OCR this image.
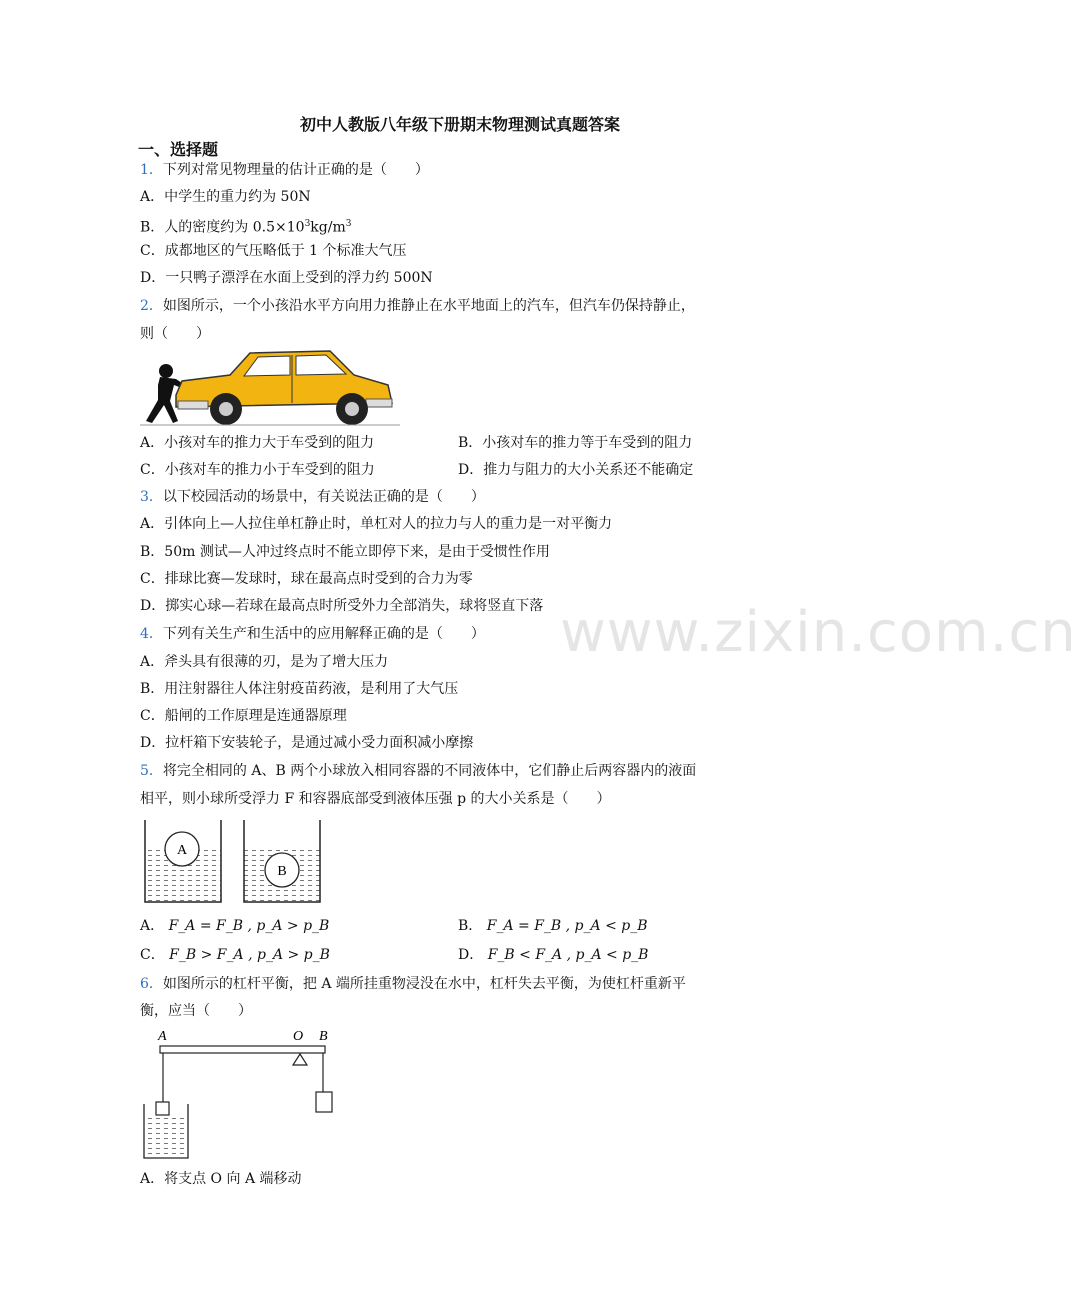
www.zixin.com.cn
初中人教版八年级下册期末物理测试真题答案
一、选择题
1．下列对常见物理量的估计正确的是（　　）
A．中学生的重力约为 50N
B．人的密度约为 $0.5\times 10^3kg/m^3$
C．成都地区的气压略低于 1 个标准大气压
D．一只鸭子漂浮在水面上受到的浮力约 500N
2．如图所示，一个小孩沿水平方向用力推静止在水平地面上的汽车，但汽车仍保持静止，
则（　　）
A．小孩对车的推力大于车受到的阻力	B．小孩对车的推力等于车受到的阻力
C．小孩对车的推力小于车受到的阻力	D．推力与阻力的大小关系还不能确定
3．以下校园活动的场景中，有关说法正确的是（　　）
A．引体向上—人拉住单杠静止时，单杠对人的拉力与人的重力是一对平衡力
B．50m 测试—人冲过终点时不能立即停下来，是由于受惯性作用
C．排球比赛—发球时，球在最高点时受到的合力为零
D．掷实心球—若球在最高点时所受外力全部消失，球将竖直下落
4．下列有关生产和生活中的应用解释正确的是（　　）
A．斧头具有很薄的刃，是为了增大压力
B．用注射器往人体注射疫苗药液，是利用了大气压
C．船闸的工作原理是连通器原理
D．拉杆箱下安装轮子，是通过减小受力面积减小摩擦
5．将完全相同的 A、B 两个小球放入相同容器的不同液体中，它们静止后两容器内的液面
相平，则小球所受浮力 F 和容器底部受到液体压强 p 的大小关系是（　　）
A
B
A． F_A = F_B , p_A > p_B	B． F_A = F_B , p_A < p_B
C． F_B > F_A , p_A > p_B	D． F_B < F_A , p_A < p_B
6．如图所示的杠杆平衡，把 A 端所挂重物浸没在水中，杠杆失去平衡，为使杠杆重新平
衡，应当（　　）
A	O B
A．将支点 O 向 A 端移动
